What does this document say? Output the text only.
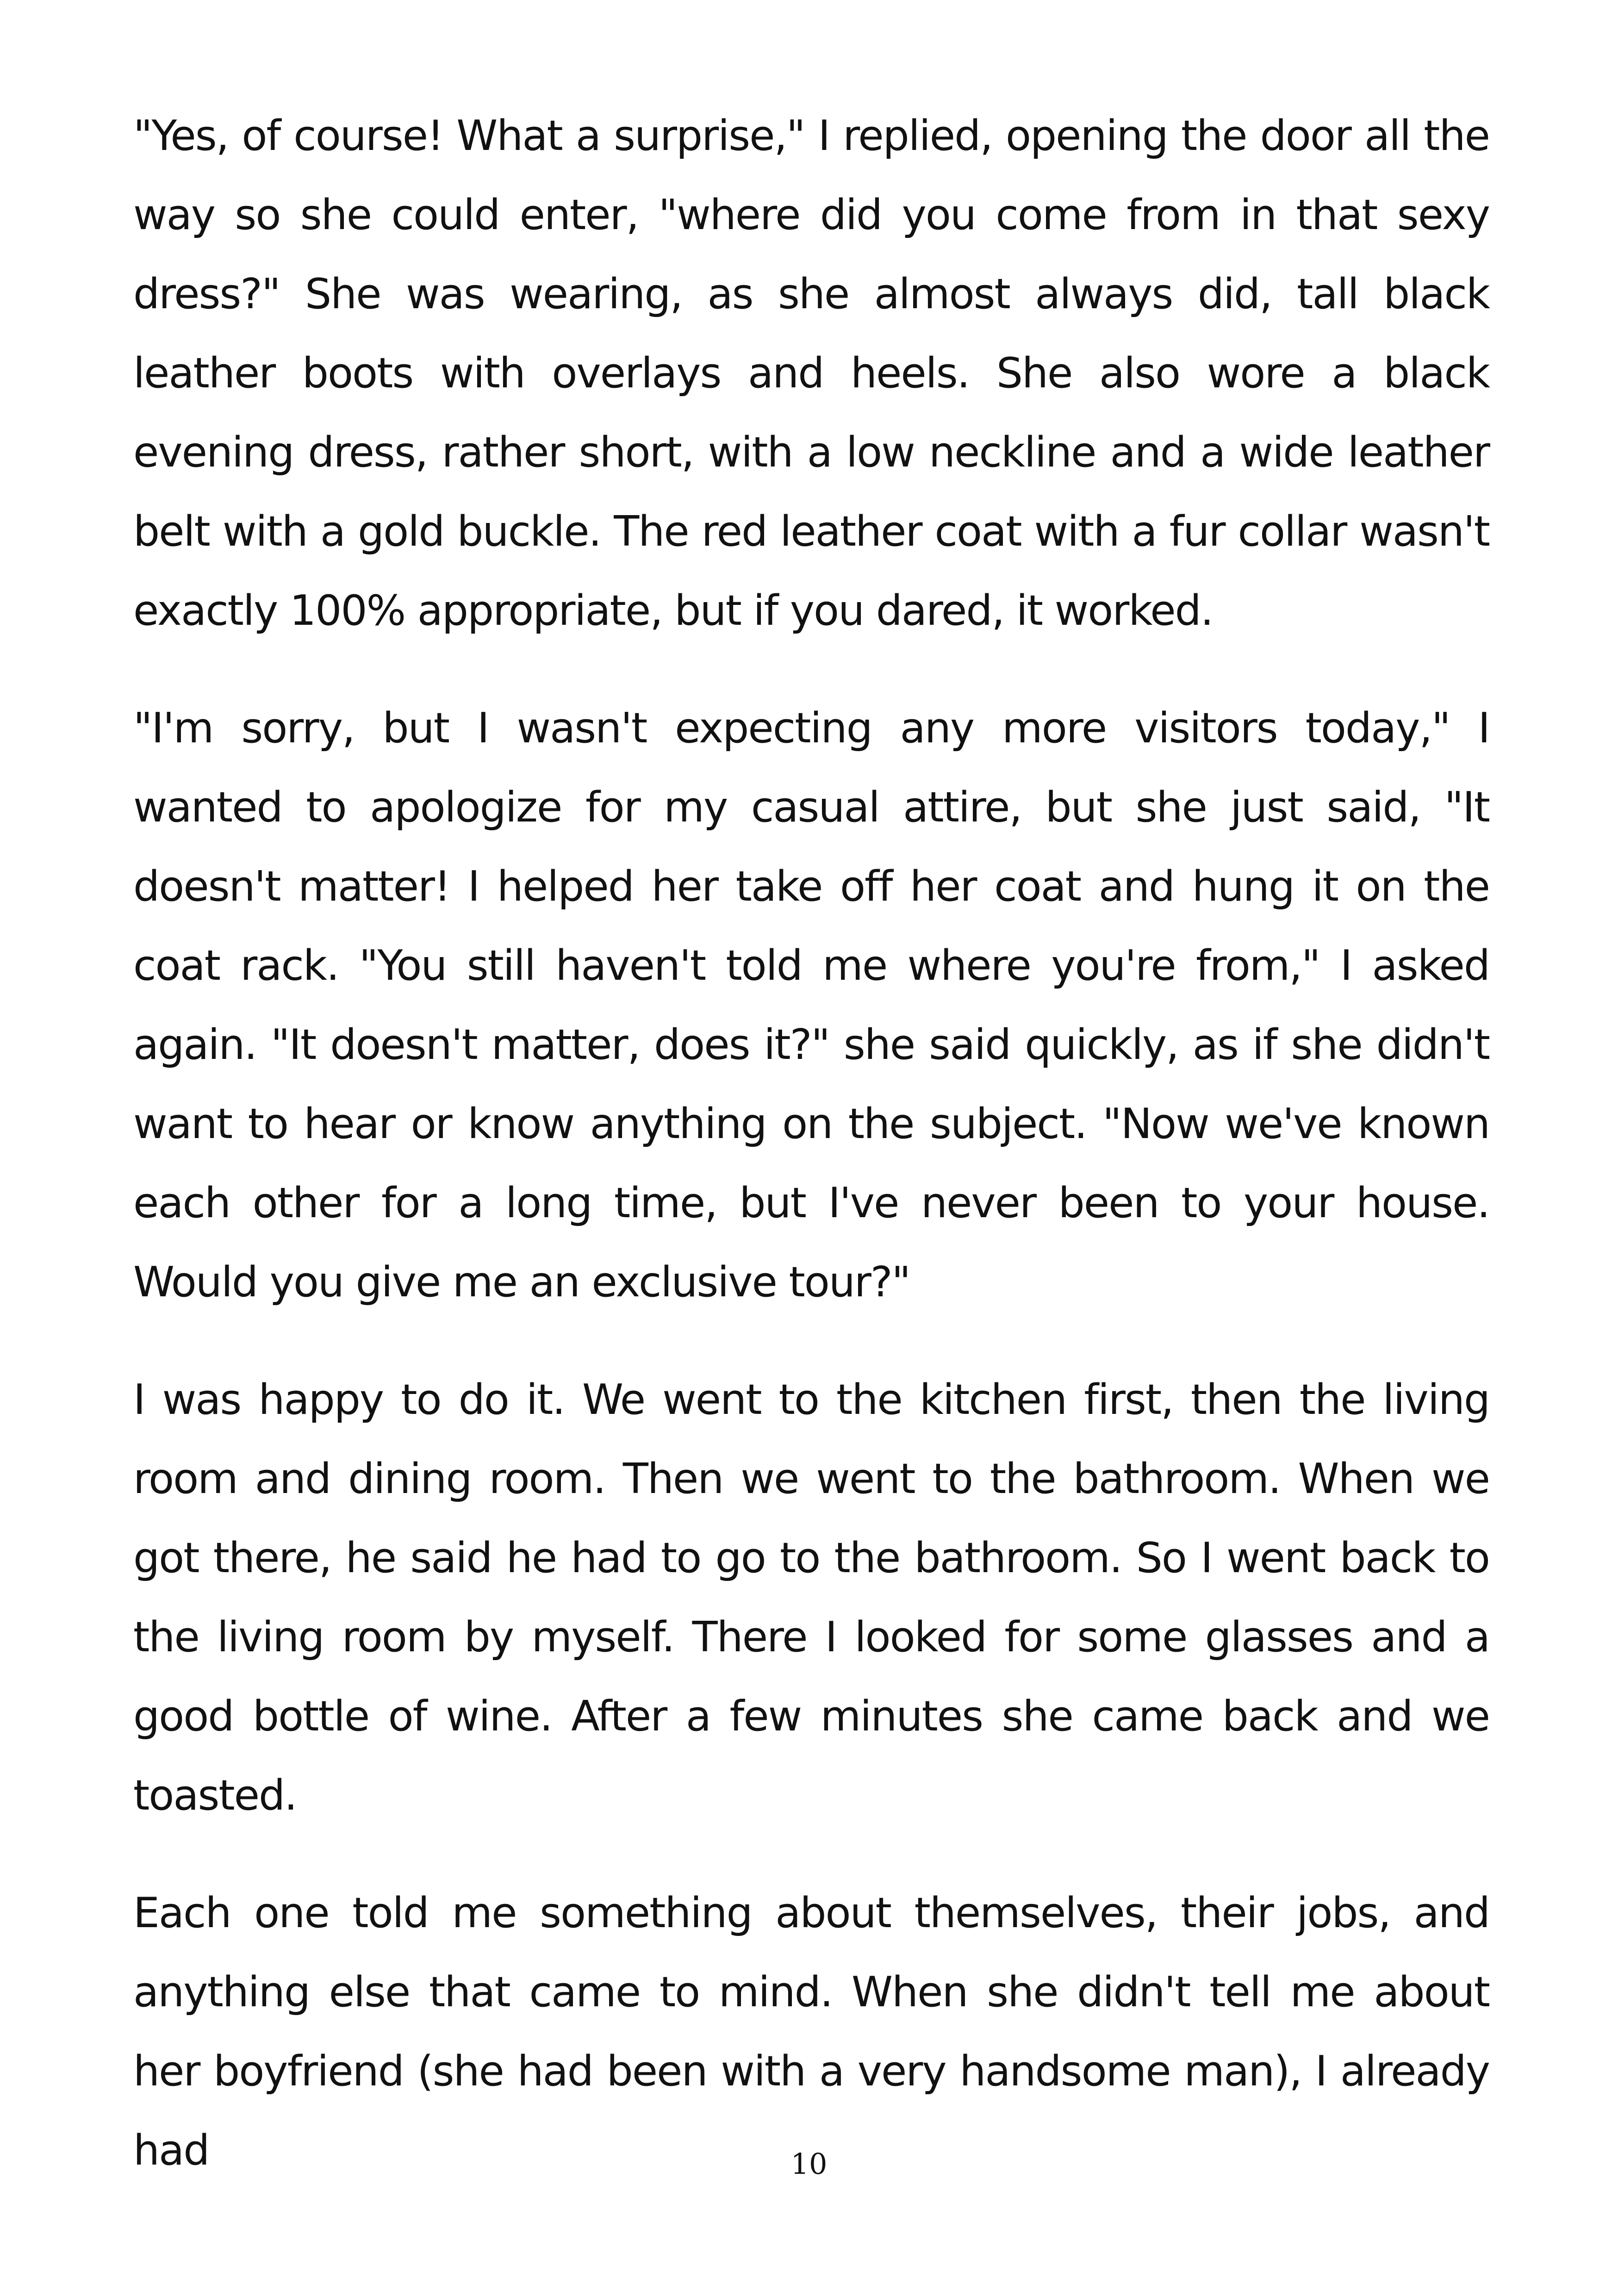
"Yes, of course! What a surprise," I replied, opening the door all the way so she could enter, "where did you come from in that sexy dress?" She was wearing, as she almost always did, tall black leather boots with overlays and heels. She also wore a black evening dress, rather short, with a low neckline and a wide leather belt with a gold buckle. The red leather coat with a fur collar wasn't exactly 100% appropriate, but if you dared, it worked.

"I'm sorry, but I wasn't expecting any more visitors today," I wanted to apologize for my casual attire, but she just said, "It doesn't matter! I helped her take off her coat and hung it on the coat rack. "You still haven't told me where you're from," I asked again. "It doesn't matter, does it?" she said quickly, as if she didn't want to hear or know anything on the subject. "Now we've known each other for a long time, but I've never been to your house. Would you give me an exclusive tour?"

I was happy to do it. We went to the kitchen first, then the living room and dining room. Then we went to the bathroom. When we got there, he said he had to go to the bathroom. So I went back to the living room by myself. There I looked for some glasses and a good bottle of wine. After a few minutes she came back and we toasted.

Each one told me something about themselves, their jobs, and anything else that came to mind. When she didn't tell me about her boyfriend (she had been with a very handsome man), I already had	10
